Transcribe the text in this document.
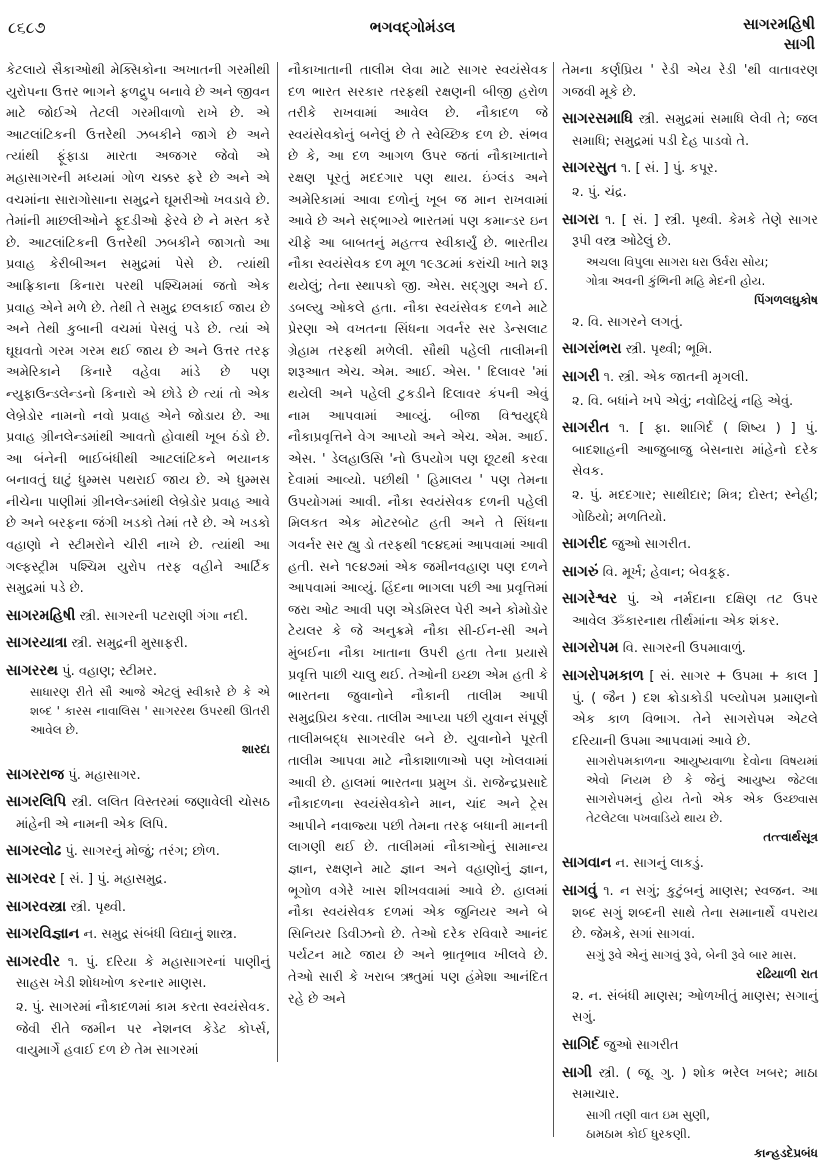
૮૬૮૭	ભગવદ્ગોમંડલ	સાગરમહિષી
સાગી

કેટલાયે સૈકાઓથી મેક્સિકોના અખાતની ગરમીથી યુરોપના ઉત્તર ભાગને ફળદ્રુપ બનાવે છે અને જીવન માટે જોઈએ તેટલી ગરમીવાળો રાખે છે. એ આટલાંટિકની ઉત્તરેથી ઝબકીને જાગે છે અને ત્યાંથી ફૂંફાડા મારતા અજગર જેવો એ મહાસાગરની મધ્યમાં ગોળ ચક્કર ફરે છે અને એ વચમાંના સારાગોસાના સમુદ્રને ઘૂમરીઓ ખવડાવે છે. તેમાંની માછલીઓને ફૂદડીઓ ફેરવે છે ને મસ્ત કરે છે. આટલાંટિકની ઉત્તરેથી ઝબકીને જાગતો આ પ્રવાહ કેરીબીઅન સમુદ્રમાં પેસે છે. ત્યાંથી આફ્રિકાના કિનારા પરથી પશ્ચિમમાં જતો એક પ્રવાહ એને મળે છે. તેથી તે સમુદ્ર છલકાઈ જાય છે અને તેથી કુબાની વચમાં પેસવું પડે છે. ત્યાં એ ઘૂઘવતો ગરમ ગરમ થઈ જાય છે અને ઉત્તર તરફ અમેરિકાને કિનારે વહેવા માંડે છે પણ ન્યુફાઉન્ડલેન્ડનો કિનારો એ છોડે છે ત્યાં તો એક લેબ્રેડોર નામનો નવો પ્રવાહ એને જોડાય છે. આ પ્રવાહ ગ્રીનલેન્ડમાંથી આવતો હોવાથી ખૂબ ઠંડો છે. આ બંનેની ભાઈબંધીથી આટલાંટિકને ભયાનક બનાવતું ઘાટું ધુમ્મસ પથરાઈ જાય છે. એ ધુમ્મસ નીચેના પાણીમાં ગ્રીનલેન્ડમાંથી લેબ્રેડોર પ્રવાહ આવે છે અને બરફના જંગી ખડકો તેમાં તરે છે. એ ખડકો વહાણો ને સ્ટીમરોને ચીરી નાખે છે. ત્યાંથી આ ગલ્ફસ્ટ્રીમ પશ્ચિમ યુરોપ તરફ વહીને આર્ટિક સમુદ્રમાં પડે છે.

સાગરમહિષી સ્ત્રી. સાગરની પટરાણી ગંગા નદી.

સાગરયાત્રા સ્ત્રી. સમુદ્રની મુસાફરી.

સાગરરથ પું. વહાણ; સ્ટીમર.

સાધારણ રીતે સૌ આજે એટલું સ્વીકારે છે કે એ શબ્દ ' કારસ નાવાલિસ ' સાગરરથ ઉપરથી ઊતરી આવેલ છે.
શારદા

સાગરરાજ પું. મહાસાગર.

સાગરલિપિ સ્ત્રી. લલિત વિસ્તરમાં જણાવેલી ચોસઠ માંહેની એ નામની એક લિપિ.

સાગરલોઢ પું. સાગરનું મોજું; તરંગ; છોળ.

સાગરવર [ સં. ] પું. મહાસમુદ્ર.

સાગરવસ્ત્રા સ્ત્રી. પૃથ્વી.

સાગરવિજ્ઞાન ન. સમુદ્ર સંબંધી વિદ્યાનું શાસ્ત્ર.

સાગરવીર ૧. પું. દરિયા કે મહાસાગરનાં પાણીનું સાહસ ખેડી શોધખોળ કરનાર માણસ.

૨. પું. સાગરમાં નૌકાદળમાં કામ કરતા સ્વયંસેવક. જેવી રીતે જમીન પર નેશનલ કેડેટ કોર્પ્સ, વાયુમાર્ગે હવાઈ દળ છે તેમ સાગરમાં

નૌકાખાતાની તાલીમ લેવા માટે સાગર સ્વયંસેવક દળ ભારત સરકાર તરફથી રક્ષણની બીજી હરોળ તરીકે રાખવામાં આવેલ છે. નૌકાદળ જે સ્વયંસેવકોનું બનેલું છે તે સ્વેચ્છિક દળ છે. સંભવ છે કે, આ દળ આગળ ઉપર જતાં નૌકાખાતાને રક્ષણ પૂરતું મદદગાર પણ થાય. ઇંગ્લંડ અને અમેરિકામાં આવા દળોનું ખૂબ જ માન રાખવામાં આવે છે અને સદ્ભાગ્યે ભારતમાં પણ કમાન્ડર ઇન ચીફે આ બાબતનું મહત્ત્વ સ્વીકાર્યું છે. ભારતીય નૌકા સ્વયંસેવક દળ મૂળ ૧૯૩૮માં કરાંચી ખાતે શરૂ થયેલું; તેના સ્થાપકો જી. એસ. સદ્ગુણ અને ઈ. ડબલ્યુ ઓકલે હતા. નૌકા સ્વયંસેવક દળને માટે પ્રેરણા એ વખતના સિંધના ગવર્નર સર ડેન્સલાટ ગ્રેહામ તરફથી મળેલી. સૌથી પહેલી તાલીમની શરૂઆત એચ. એમ. આઈ. એસ. ' દિલાવર 'માં થયેલી અને પહેલી ટુકડીને દિલાવર કંપની એવું નામ આપવામાં આવ્યું. બીજા વિશ્વયુદ્ધે નૌકાપ્રવૃત્તિને વેગ આપ્યો અને એચ. એમ. આઈ. એસ. ' ડેલહાઉસિ 'નો ઉપયોગ પણ છૂટથી કરવા દેવામાં આવ્યો. પછીથી ' હિમાલય ' પણ તેમના ઉપયોગમાં આવી. નૌકા સ્વયંસેવક દળની પહેલી મિલકત એક મોટરબોટ હતી અને તે સિંધના ગવર્નર સર હ્યુ ડો તરફથી ૧૯૪૬માં આપવામાં આવી હતી. સને ૧૯૪૭માં એક જમીનવહાણ પણ દળને આપવામાં આવ્યું. હિંદના ભાગલા પછી આ પ્રવૃત્તિમાં જરા ઓટ આવી પણ એડમિરલ પેરી અને કોમોડોર ટેયલર કે જે અનુક્રમે નૌકા સી-ઈન-સી અને મુંબઈના નૌકા ખાતાના ઉપરી હતા તેના પ્રયાસે પ્રવૃત્તિ પાછી ચાલુ થઈ. તેઓની ઇચ્છા એમ હતી કે ભારતના જુવાનોને નૌકાની તાલીમ આપી સમુદ્રપ્રિય કરવા. તાલીમ આપ્યા પછી યુવાન સંપૂર્ણ તાલીમબદ્ધ સાગરવીર બને છે. યુવાનોને પૂરતી તાલીમ આપવા માટે નૌકાશાળાઓ પણ ખોલવામાં આવી છે. હાલમાં ભારતના પ્રમુખ ડૉ. રાજેન્દ્રપ્રસાદે નૌકાદળના સ્વયંસેવકોને માન, ચાંદ અને ટ્રેસ આપીને નવાજ્યા પછી તેમના તરફ બધાની માનની લાગણી થઈ છે. તાલીમમાં નૌકાઓનું સામાન્ય જ્ઞાન, રક્ષણને માટે જ્ઞાન અને વહાણોનું જ્ઞાન, ભૂગોળ વગેરે ખાસ શીખવવામાં આવે છે. હાલમાં નૌકા સ્વયંસેવક દળમાં એક જુનિયર અને બે સિનિયર ડિવીઝનો છે. તેઓ દરેક રવિવારે આનંદ પર્યટન માટે જાય છે અને ભ્રાતૃભાવ ખીલવે છે. તેઓ સારી કે ખરાબ ઋતુમાં પણ હંમેશા આનંદિત રહે છે અને

તેમના કર્ણપ્રિય ' રેડી એય રેડી 'થી વાતાવરણ ગજવી મૂકે છે.

સાગરસમાધિ સ્ત્રી. સમુદ્રમાં સમાધિ લેવી તે; જલ સમાધિ; સમુદ્રમાં પડી દેહ પાડવો તે.

સાગરસુત ૧. [ સં. ] પું. કપૂર.

૨. પું. ચંદ્ર.

સાગરા ૧. [ સં. ] સ્ત્રી. પૃથ્વી. કેમકે તેણે સાગર રૂપી વસ્ત્ર ઓઢેલું છે.

અચલા વિપુલા સાગરા ધરા ઉર્વરા સોય;
ગોત્રા અવની કુંભિની મહિ મેદની હોય.
પિંગળલઘુકોષ

૨. વિ. સાગરને લગતું.

સાગરાંભરા સ્ત્રી. પૃથ્વી; ભૂમિ.

સાગરી ૧. સ્ત્રી. એક જાતની મૃગલી.

૨. વિ. બધાંને ખપે એવું; નવોઢિયું નહિ એવું.

સાગરીત ૧. [ ફા. શાગિર્દ ( શિષ્ય ) ] પું. બાદશાહની આજુબાજુ બેસનારા માંહેનો દરેક સેવક.

૨. પું. મદદગાર; સાથીદાર; મિત્ર; દોસ્ત; સ્નેહી; ગોઠિયો; મળતિયો.

સાગરીદ જુઓ સાગરીત.

સાગરું વિ. મૂર્ખ; હેવાન; બેવકૂફ.

સાગરેશ્વર પું. એ નર્મદાના દક્ષિણ તટ ઉપર આવેલ ૐકારનાથ તીર્થમાંના એક શંકર.

સાગરોપમ વિ. સાગરની ઉપમાવાળું.

સાગરોપમકાળ [ સં. સાગર + ઉપમા + કાલ ] પું. ( જૈન ) દશ ક્રોડાકોડી પલ્યોપમ પ્રમાણનો એક કાળ વિભાગ. તેને સાગરોપમ એટલે દરિયાની ઉપમા આપવામાં આવે છે.

સાગરોપમકાળના આયુષ્યવાળા દેવોના વિષયમાં એવો નિયમ છે કે જેનું આયુષ્ય જેટલા સાગરોપમનું હોય તેનો એક એક ઉચ્છ્વાસ તેટલેટલા પખવાડિયે થાય છે.
તત્ત્વાર્થસૂત્ર

સાગવાન ન. સાગનું લાકડું.

સાગવું ૧. ન સગું; કુટુંબનું માણસ; સ્વજન. આ શબ્દ સગું શબ્દની સાથે તેના સમાનાર્થે વપરાય છે. જેમકે, સગાં સાગવાં.

સગું રૂવે એનું સાગવું રૂવે, બેની રૂવે બાર માસ.
રઢિયાળી રાત

૨. ન. સંબંધી માણસ; ઓળખીતું માણસ; સગાનું સગું.

સાગિર્દ જુઓ સાગરીત

સાગી સ્ત્રી. ( જૂ. ગુ. ) શોક ભરેલ ખબર; માઠા સમાચાર.

સાગી તણી વાત ઇમ સુણી,
ઠામઠામ કોઈ ધુરકણી.
કાન્હડદેપ્રબંધ
